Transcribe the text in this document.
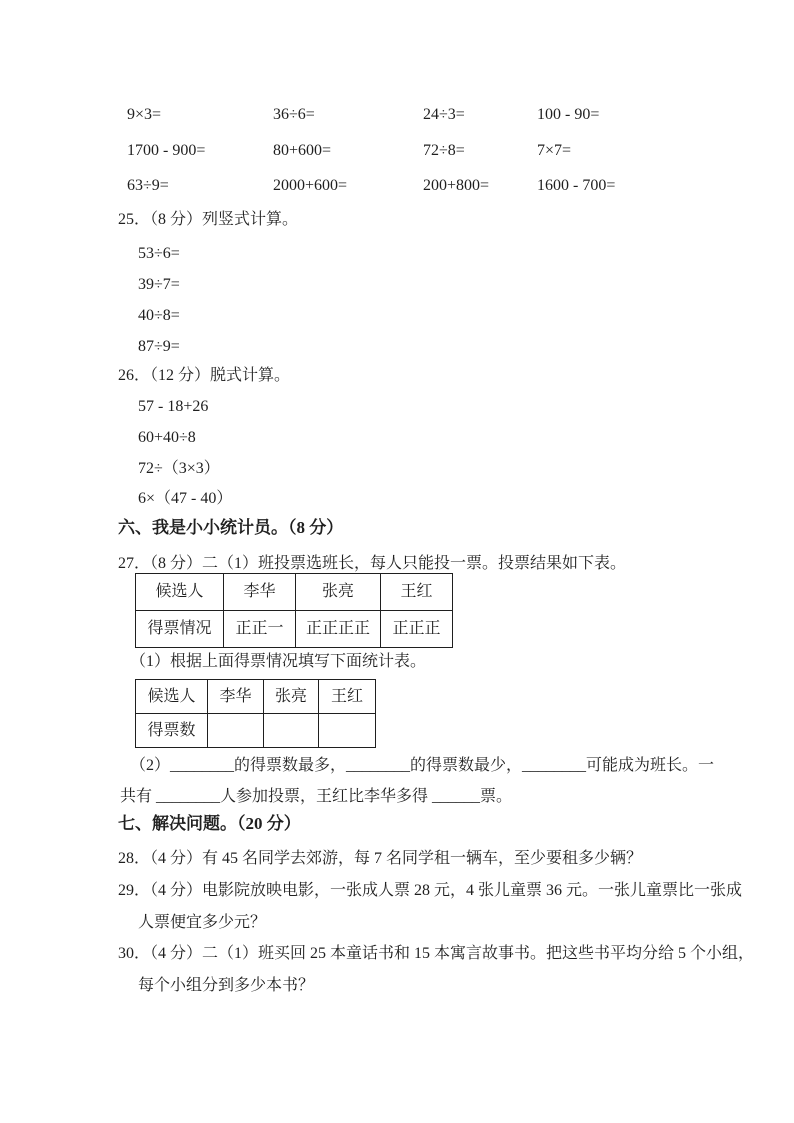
9×3=	36÷6=	24÷3=	100 - 90=
1700 - 900=	80+600=	72÷8=	7×7=
63÷9=	2000+600=	200+800=	1600 - 700=
25．（8 分）列竖式计算。
53÷6=
39÷7=
40÷8=
87÷9=
26．（12 分）脱式计算。
57 - 18+26
60+40÷8
72÷（3×3）
6×（47 - 40）
六、我是小小统计员。（8 分）
27．（8 分）二（1）班投票选班长，每人只能投一票。投票结果如下表。
候选人	李华	张亮	王红
得票情况	正正一	正正正正	正正正
（1）根据上面得票情况填写下面统计表。
候选人	李华	张亮	王红
得票数			
（2）________的得票数最多，________的得票数最少，________可能成为班长。一
共有 ________人参加投票，王红比李华多得 ______票。
七、解决问题。（20 分）
28．（4 分）有 45 名同学去郊游，每 7 名同学租一辆车，至少要租多少辆？
29．（4 分）电影院放映电影，一张成人票 28 元，4 张儿童票 36 元。一张儿童票比一张成
人票便宜多少元？
30．（4 分）二（1）班买回 25 本童话书和 15 本寓言故事书。把这些书平均分给 5 个小组，
每个小组分到多少本书？
